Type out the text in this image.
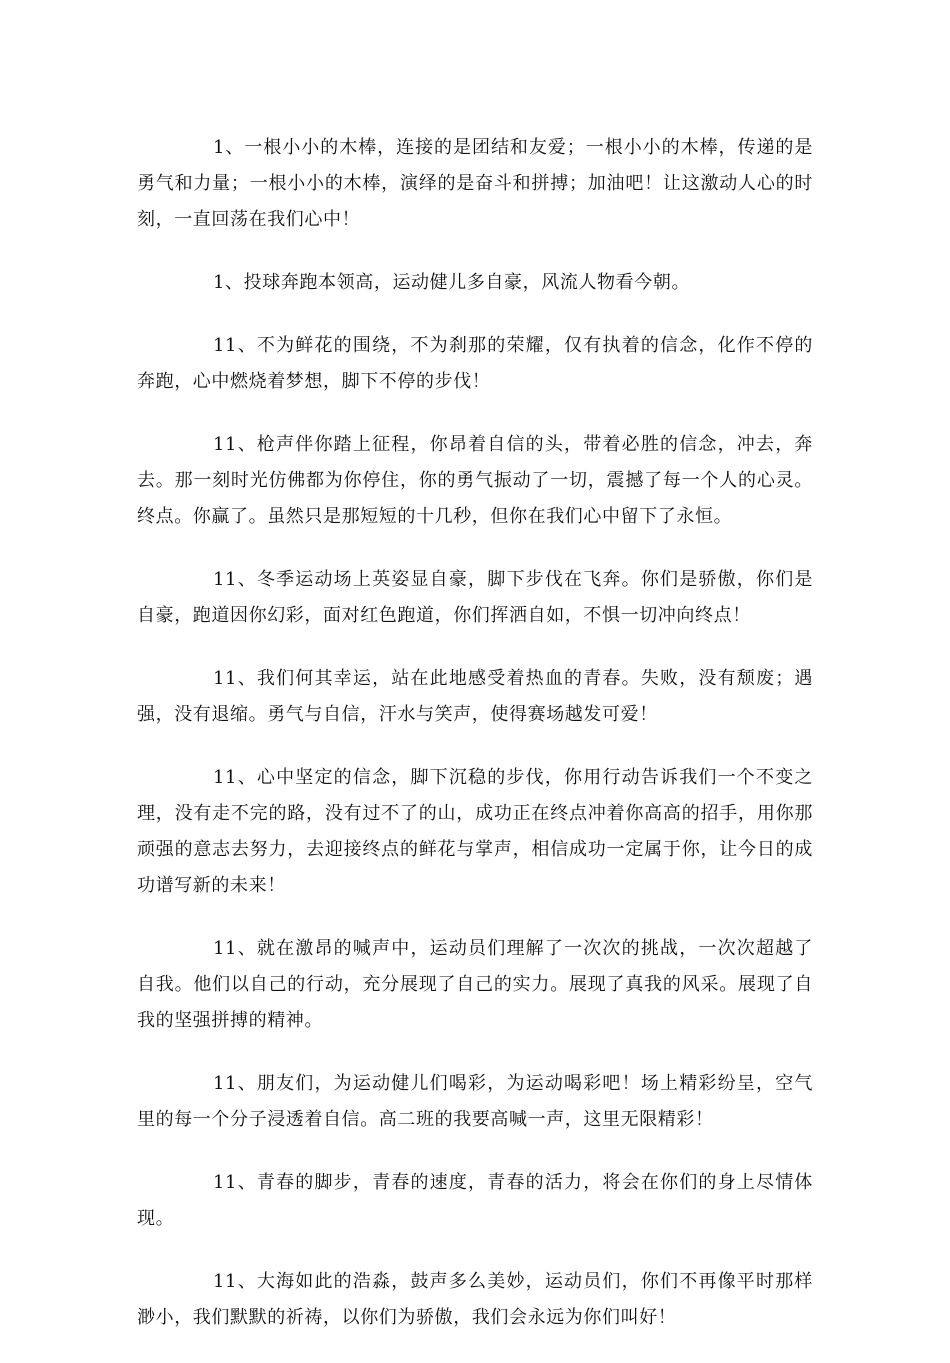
1、一根小小的木棒，连接的是团结和友爱；一根小小的木棒，传递的是勇气和力量；一根小小的木棒，演绎的是奋斗和拼搏；加油吧！让这激动人心的时刻，一直回荡在我们心中！

1、投球奔跑本领高，运动健儿多自豪，风流人物看今朝。

11、不为鲜花的围绕，不为刹那的荣耀，仅有执着的信念，化作不停的奔跑，心中燃烧着梦想，脚下不停的步伐！

11、枪声伴你踏上征程，你昂着自信的头，带着必胜的信念，冲去，奔去。那一刻时光仿佛都为你停住，你的勇气振动了一切，震撼了每一个人的心灵。终点。你赢了。虽然只是那短短的十几秒，但你在我们心中留下了永恒。

11、冬季运动场上英姿显自豪，脚下步伐在飞奔。你们是骄傲，你们是自豪，跑道因你幻彩，面对红色跑道，你们挥洒自如，不惧一切冲向终点！

11、我们何其幸运，站在此地感受着热血的青春。失败，没有颓废；遇强，没有退缩。勇气与自信，汗水与笑声，使得赛场越发可爱！

11、心中坚定的信念，脚下沉稳的步伐，你用行动告诉我们一个不变之理，没有走不完的路，没有过不了的山，成功正在终点冲着你高高的招手，用你那顽强的意志去努力，去迎接终点的鲜花与掌声，相信成功一定属于你，让今日的成功谱写新的未来！

11、就在激昂的喊声中，运动员们理解了一次次的挑战，一次次超越了自我。他们以自己的行动，充分展现了自己的实力。展现了真我的风采。展现了自我的坚强拼搏的精神。

11、朋友们，为运动健儿们喝彩，为运动喝彩吧！场上精彩纷呈，空气里的每一个分子浸透着自信。高二班的我要高喊一声，这里无限精彩！

11、青春的脚步，青春的速度，青春的活力，将会在你们的身上尽情体现。

11、大海如此的浩淼，鼓声多么美妙，运动员们，你们不再像平时那样渺小，我们默默的祈祷，以你们为骄傲，我们会永远为你们叫好！
